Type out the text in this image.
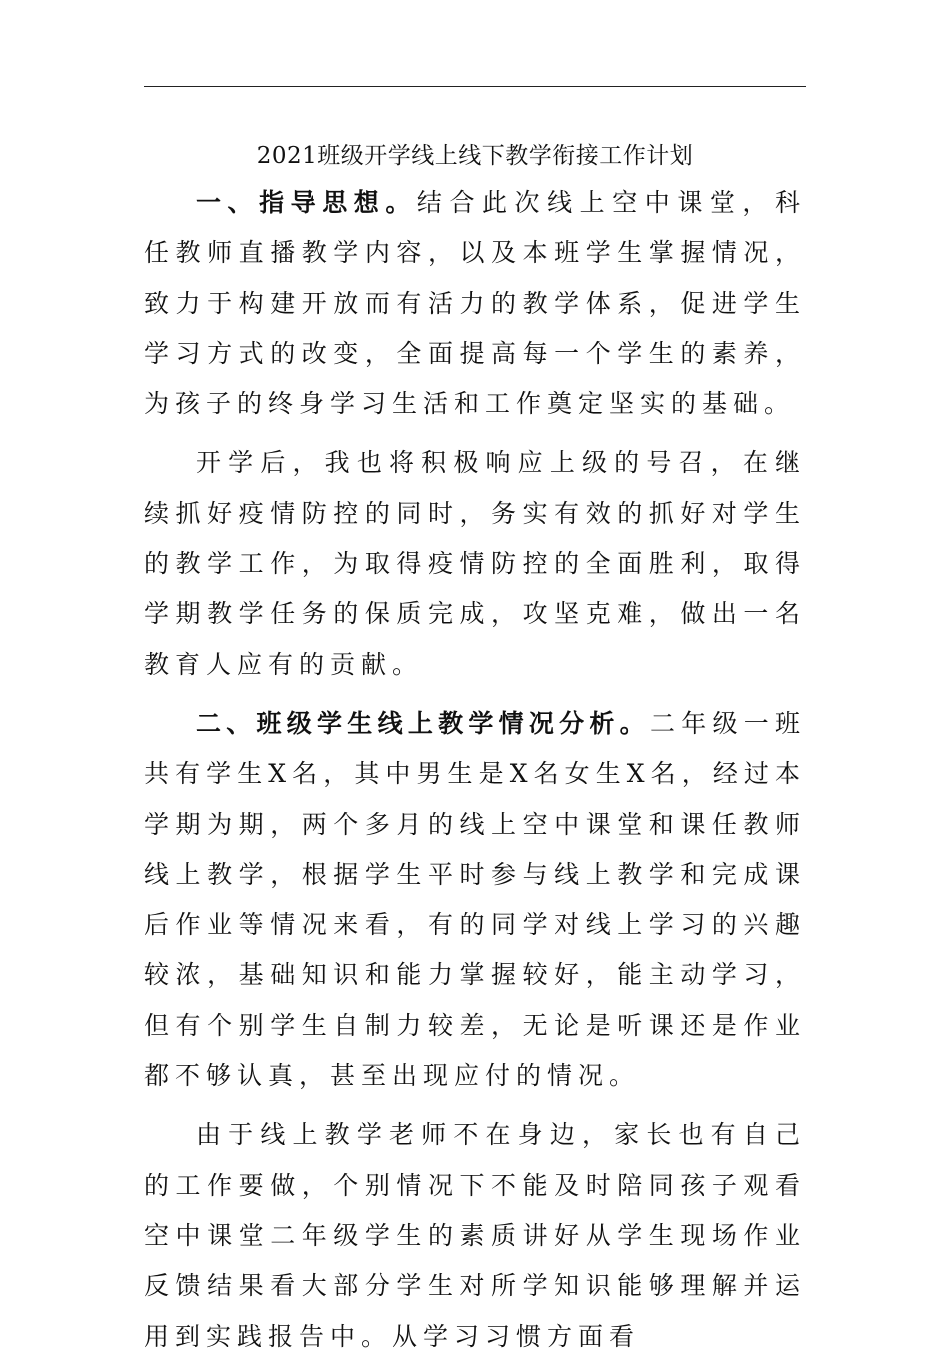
2021班级开学线上线下教学衔接工作计划

一、指导思想。结合此次线上空中课堂，科任教师直播教学内容，以及本班学生掌握情况，致力于构建开放而有活力的教学体系，促进学生学习方式的改变，全面提高每一个学生的素养，为孩子的终身学习生活和工作奠定坚实的基础。

开学后，我也将积极响应上级的号召，在继续抓好疫情防控的同时，务实有效的抓好对学生的教学工作，为取得疫情防控的全面胜利，取得学期教学任务的保质完成，攻坚克难，做出一名教育人应有的贡献。

二、班级学生线上教学情况分析。二年级一班共有学生X名，其中男生是X名女生X名，经过本学期为期，两个多月的线上空中课堂和课任教师线上教学，根据学生平时参与线上教学和完成课后作业等情况来看，有的同学对线上学习的兴趣较浓，基础知识和能力掌握较好，能主动学习，但有个别学生自制力较差，无论是听课还是作业都不够认真，甚至出现应付的情况。

由于线上教学老师不在身边，家长也有自己的工作要做，个别情况下不能及时陪同孩子观看空中课堂二年级学生的素质讲好从学生现场作业反馈结果看大部分学生对所学知识能够理解并运用到实践报告中。从学习习惯方面看
